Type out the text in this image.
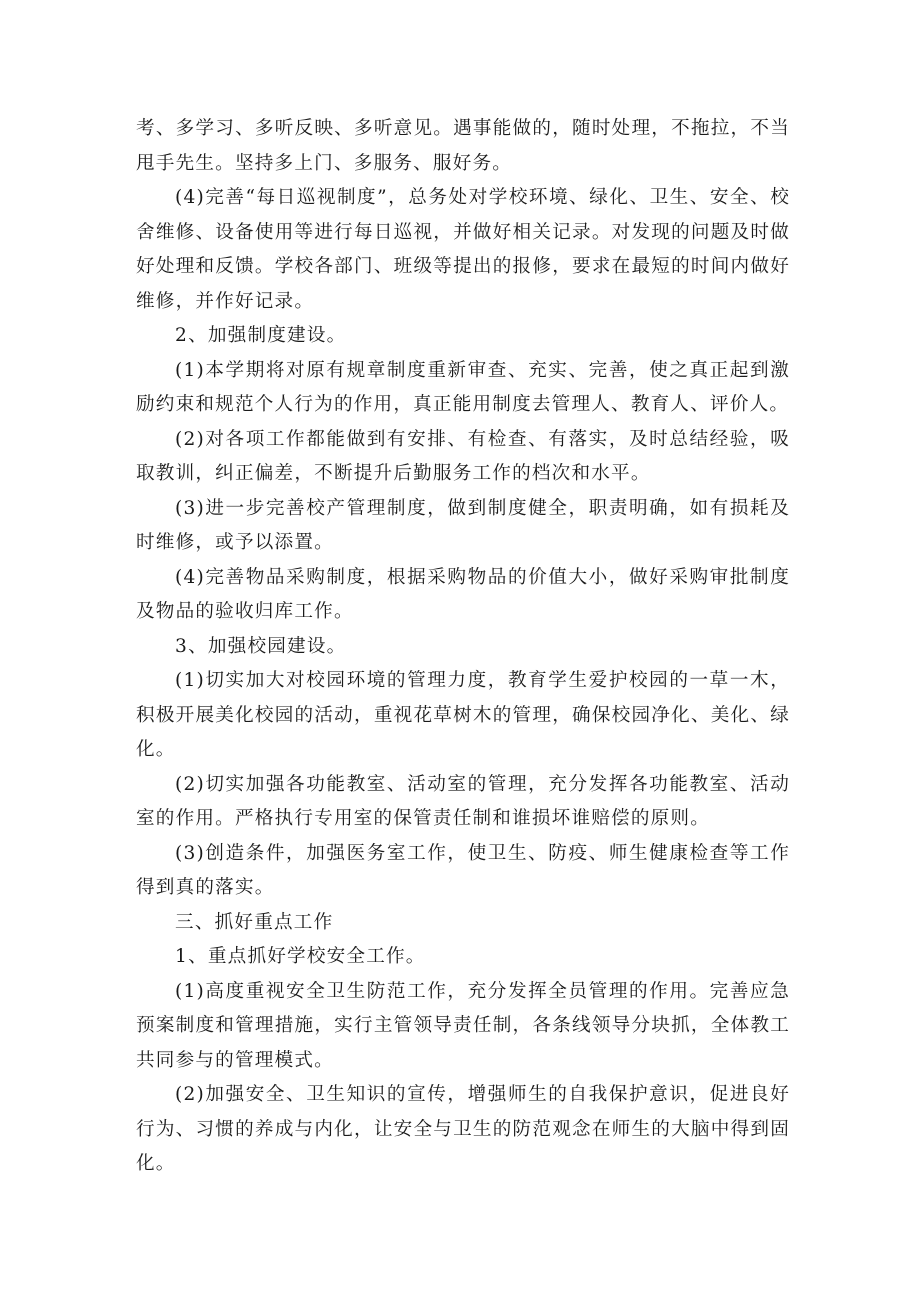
考、多学习、多听反映、多听意见。遇事能做的，随时处理，不拖拉，不当甩手先生。坚持多上门、多服务、服好务。

(4)完善“每日巡视制度”，总务处对学校环境、绿化、卫生、安全、校舍维修、设备使用等进行每日巡视，并做好相关记录。对发现的问题及时做好处理和反馈。学校各部门、班级等提出的报修，要求在最短的时间内做好维修，并作好记录。

2、加强制度建设。

(1)本学期将对原有规章制度重新审查、充实、完善，使之真正起到激励约束和规范个人行为的作用，真正能用制度去管理人、教育人、评价人。

(2)对各项工作都能做到有安排、有检查、有落实，及时总结经验，吸取教训，纠正偏差，不断提升后勤服务工作的档次和水平。

(3)进一步完善校产管理制度，做到制度健全，职责明确，如有损耗及时维修，或予以添置。

(4)完善物品采购制度，根据采购物品的价值大小，做好采购审批制度及物品的验收归库工作。

3、加强校园建设。

(1)切实加大对校园环境的管理力度，教育学生爱护校园的一草一木，积极开展美化校园的活动，重视花草树木的管理，确保校园净化、美化、绿化。

(2)切实加强各功能教室、活动室的管理，充分发挥各功能教室、活动室的作用。严格执行专用室的保管责任制和谁损坏谁赔偿的原则。

(3)创造条件，加强医务室工作，使卫生、防疫、师生健康检查等工作得到真的落实。

三、抓好重点工作

1、重点抓好学校安全工作。

(1)高度重视安全卫生防范工作，充分发挥全员管理的作用。完善应急预案制度和管理措施，实行主管领导责任制，各条线领导分块抓，全体教工共同参与的管理模式。

(2)加强安全、卫生知识的宣传，增强师生的自我保护意识，促进良好行为、习惯的养成与内化，让安全与卫生的防范观念在师生的大脑中得到固化。
